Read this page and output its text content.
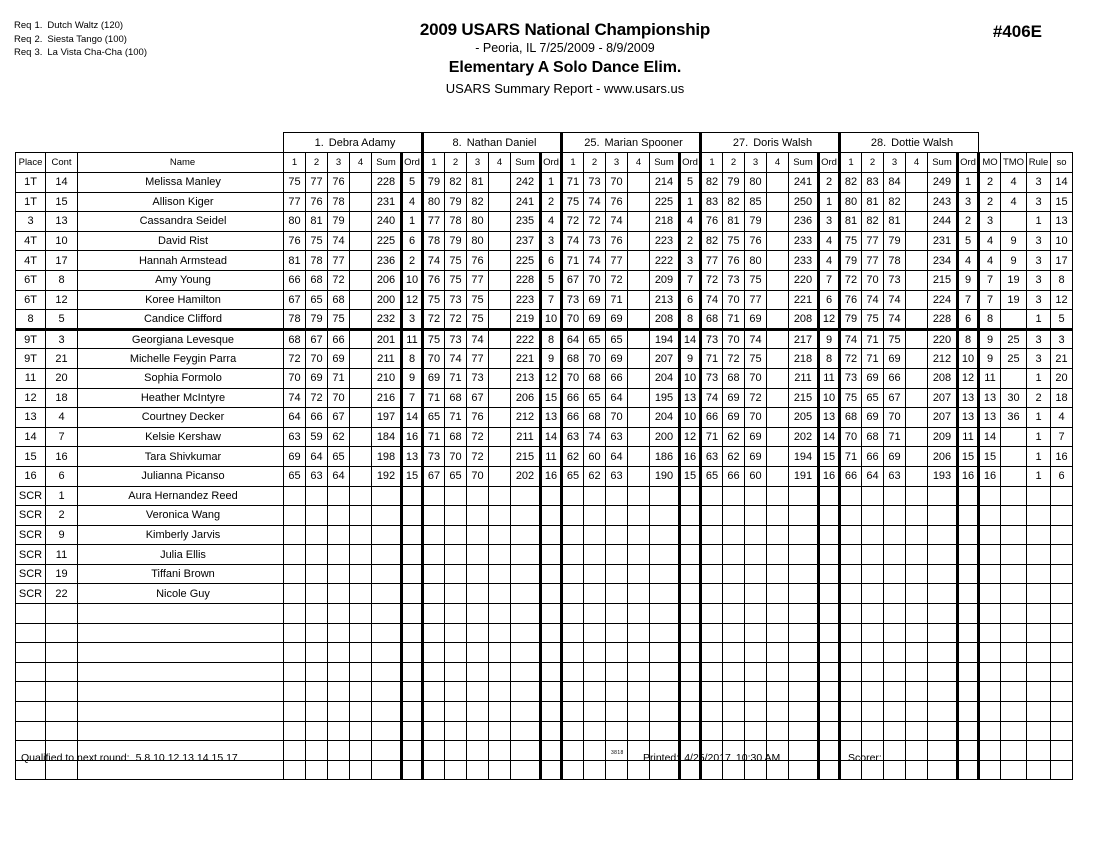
Req 1. Dutch Waltz (120)
Req 2. Siesta Tango (100)
Req 3. La Vista Cha-Cha (100)
2009 USARS National Championship
- Peoria, IL 7/25/2009 - 8/9/2009
Elementary A Solo Dance Elim.
USARS Summary Report - www.usars.us
#406E
			1. Debra Adamy						8. Nathan Daniel						25. Marian Spooner						27. Doris Walsh						28. Dottie Walsh									
Place	Cont	Name	1	2	3	4	Sum	Ord	1	2	3	4	Sum	Ord	1	2	3	4	Sum	Ord	1	2	3	4	Sum	Ord	1	2	3	4	Sum	Ord	MO	TMO	Rule	so
1T	14	Melissa Manley	75	77	76		228	5	79	82	81		242	1	71	73	70		214	5	82	79	80		241	2	82	83	84		249	1	2	4	3	14
1T	15	Allison Kiger	77	76	78		231	4	80	79	82		241	2	75	74	76		225	1	83	82	85		250	1	80	81	82		243	3	2	4	3	15
3	13	Cassandra Seidel	80	81	79		240	1	77	78	80		235	4	72	72	74		218	4	76	81	79		236	3	81	82	81		244	2	3		1	13
4T	10	David Rist	76	75	74		225	6	78	79	80		237	3	74	73	76		223	2	82	75	76		233	4	75	77	79		231	5	4	9	3	10
4T	17	Hannah Armstead	81	78	77		236	2	74	75	76		225	6	71	74	77		222	3	77	76	80		233	4	79	77	78		234	4	4	9	3	17
6T	8	Amy Young	66	68	72		206	10	76	75	77		228	5	67	70	72		209	7	72	73	75		220	7	72	70	73		215	9	7	19	3	8
6T	12	Koree Hamilton	67	65	68		200	12	75	73	75		223	7	73	69	71		213	6	74	70	77		221	6	76	74	74		224	7	7	19	3	12
8	5	Candice Clifford	78	79	75		232	3	72	72	75		219	10	70	69	69		208	8	68	71	69		208	12	79	75	74		228	6	8		1	5
9T	3	Georgiana Levesque	68	67	66		201	11	75	73	74		222	8	64	65	65		194	14	73	70	74		217	9	74	71	75		220	8	9	25	3	3
9T	21	Michelle Feygin Parra	72	70	69		211	8	70	74	77		221	9	68	70	69		207	9	71	72	75		218	8	72	71	69		212	10	9	25	3	21
11	20	Sophia Formolo	70	69	71		210	9	69	71	73		213	12	70	68	66		204	10	73	68	70		211	11	73	69	66		208	12	11		1	20
12	18	Heather McIntyre	74	72	70		216	7	71	68	67		206	15	66	65	64		195	13	74	69	72		215	10	75	65	67		207	13	13	30	2	18
13	4	Courtney Decker	64	66	67		197	14	65	71	76		212	13	66	68	70		204	10	66	69	70		205	13	68	69	70		207	13	13	36	1	4
14	7	Kelsie Kershaw	63	59	62		184	16	71	68	72		211	14	63	74	63		200	12	71	62	69		202	14	70	68	71		209	11	14		1	7
15	16	Tara Shivkumar	69	64	65		198	13	73	70	72		215	11	62	60	64		186	16	63	62	69		194	15	71	66	69		206	15	15		1	16
16	6	Julianna Picanso	65	63	64		192	15	67	65	70		202	16	65	62	63		190	15	65	66	60		191	16	66	64	63		193	16	16		1	6
SCR	1	Aura Hernandez Reed																																		
SCR	2	Veronica Wang																																		
SCR	9	Kimberly Jarvis																																		
SCR	11	Julia Ellis																																		
SCR	19	Tiffani Brown																																		
SCR	22	Nicole Guy																																		

Qualified to next round: 5 8 10 12 13 14 15 17	3818 Printed: 4/25/2017 10:30 AM	Scorer:
